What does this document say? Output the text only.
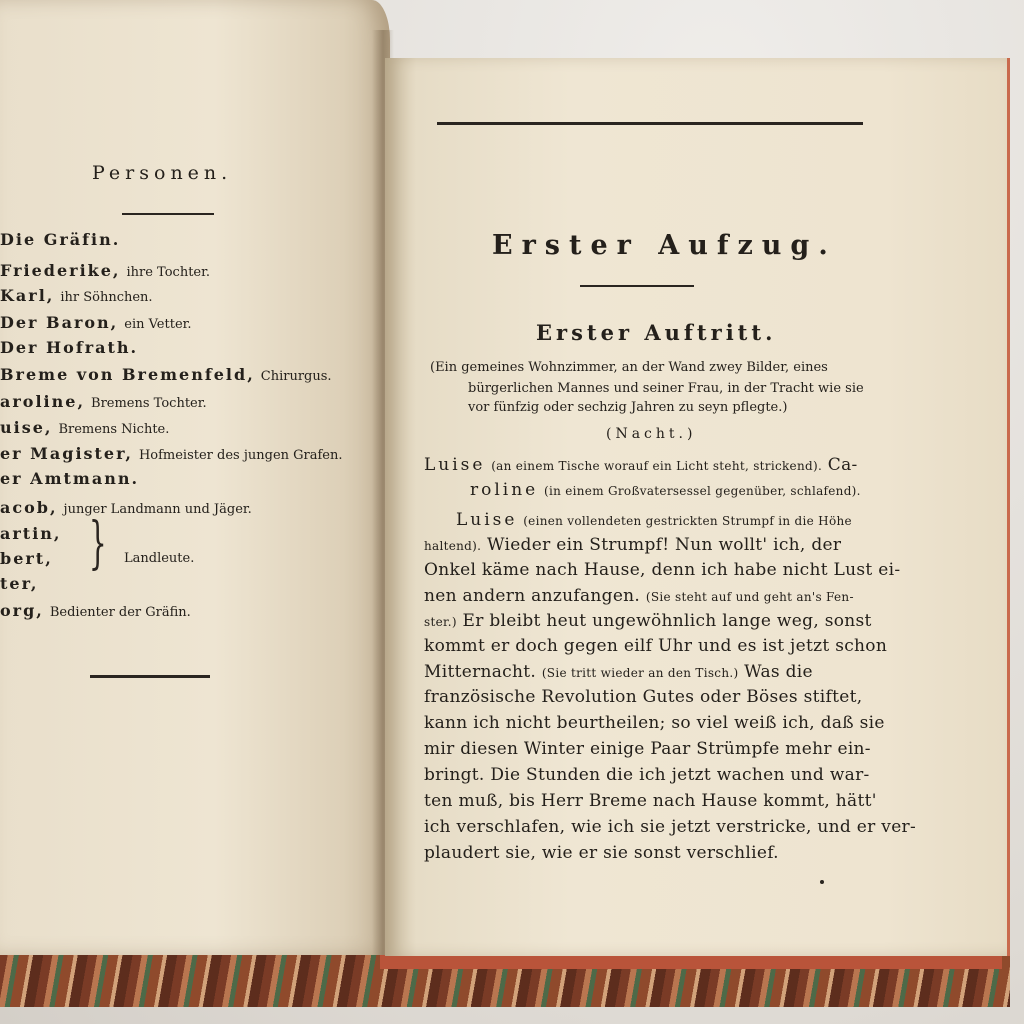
Personen.
Die Gräfin.
Friederike, ihre Tochter.
Karl, ihr Söhnchen.
Der Baron, ein Vetter.
Der Hofrath.
Breme von Bremenfeld, Chirurgus.
aroline, Bremens Tochter.
uise, Bremens Nichte.
er Magister, Hofmeister des jungen Grafen.
er Amtmann.
acob, junger Landmann und Jäger.
artin,
bert,
ter,
org, Bedienter der Gräfin.
} Landleute.
Erster Aufzug.
Erster Auftritt.
(Ein gemeines Wohnzimmer, an der Wand zwey Bilder, eines
bürgerlichen Mannes und seiner Frau, in der Tracht wie sie
vor fünfzig oder sechzig Jahren zu seyn pflegte.)
(Nacht.)
Luise (an einem Tische worauf ein Licht steht, strickend). Ca-
roline (in einem Großvatersessel gegenüber, schlafend).
Luise (einen vollendeten gestrickten Strumpf in die Höhe
haltend). Wieder ein Strumpf! Nun wollt' ich, der
Onkel käme nach Hause, denn ich habe nicht Lust ei-
nen andern anzufangen. (Sie steht auf und geht an's Fen-
ster.) Er bleibt heut ungewöhnlich lange weg, sonst
kommt er doch gegen eilf Uhr und es ist jetzt schon
Mitternacht. (Sie tritt wieder an den Tisch.) Was die
französische Revolution Gutes oder Böses stiftet,
kann ich nicht beurtheilen; so viel weiß ich, daß sie
mir diesen Winter einige Paar Strümpfe mehr ein-
bringt. Die Stunden die ich jetzt wachen und war-
ten muß, bis Herr Breme nach Hause kommt, hätt'
ich verschlafen, wie ich sie jetzt verstricke, und er ver-
plaudert sie, wie er sie sonst verschlief.
